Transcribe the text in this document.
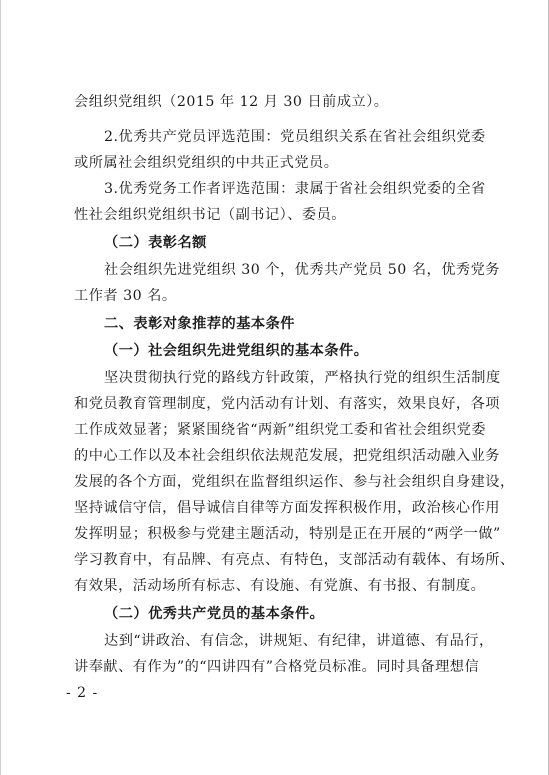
会组织党组织（2015 年 12 月 30 日前成立）。
2.优秀共产党员评选范围：党员组织关系在省社会组织党委
或所属社会组织党组织的中共正式党员。
3.优秀党务工作者评选范围：隶属于省社会组织党委的全省
性社会组织党组织书记（副书记）、委员。
（二）表彰名额
社会组织先进党组织 30 个，优秀共产党员 50 名，优秀党务
工作者 30 名。
二、表彰对象推荐的基本条件
（一）社会组织先进党组织的基本条件。
坚决贯彻执行党的路线方针政策，严格执行党的组织生活制度
和党员教育管理制度，党内活动有计划、有落实，效果良好，各项
工作成效显著；紧紧围绕省“两新”组织党工委和省社会组织党委
的中心工作以及本社会组织依法规范发展，把党组织活动融入业务
发展的各个方面，党组织在监督组织运作、参与社会组织自身建设，
坚持诚信守信，倡导诚信自律等方面发挥积极作用，政治核心作用
发挥明显；积极参与党建主题活动，特别是正在开展的“两学一做”
学习教育中，有品牌、有亮点、有特色，支部活动有载体、有场所、
有效果，活动场所有标志、有设施、有党旗、有书报、有制度。
（二）优秀共产党员的基本条件。
达到“讲政治、有信念，讲规矩、有纪律，讲道德、有品行，
讲奉献、有作为”的“四讲四有”合格党员标准。同时具备理想信
- 2 -
